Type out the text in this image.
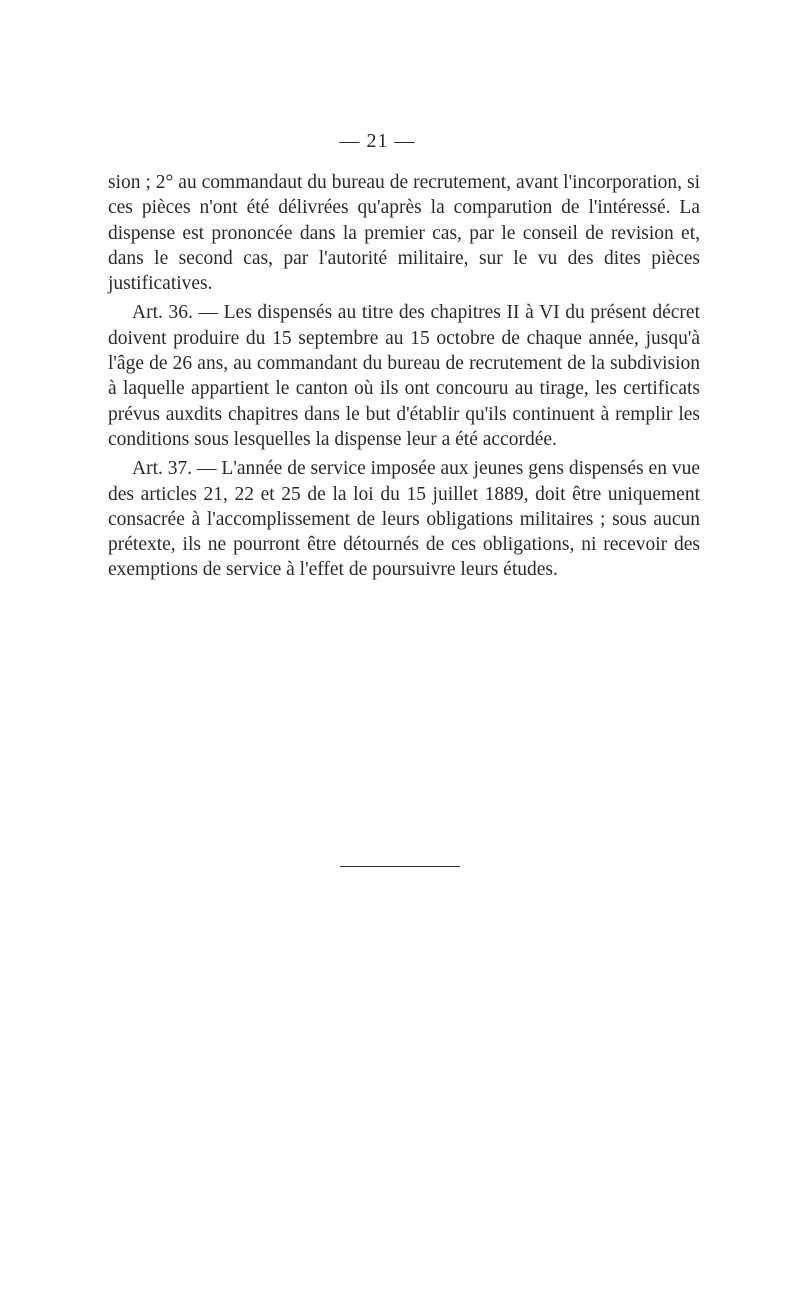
— 21 —

sion ; 2° au commandaut du bureau de recrutement, avant l'incorporation, si ces pièces n'ont été délivrées qu'après la comparution de l'intéressé. La dispense est prononcée dans la premier cas, par le conseil de revision et, dans le second cas, par l'autorité militaire, sur le vu des dites pièces justificatives.

Art. 36. — Les dispensés au titre des chapitres II à VI du présent décret doivent produire du 15 septembre au 15 octobre de chaque année, jusqu'à l'âge de 26 ans, au commandant du bureau de recrutement de la subdivision à laquelle appartient le canton où ils ont concouru au tirage, les certificats prévus auxdits chapitres dans le but d'établir qu'ils continuent à remplir les conditions sous lesquelles la dispense leur a été accordée.

Art. 37. — L'année de service imposée aux jeunes gens dispensés en vue des articles 21, 22 et 25 de la loi du 15 juillet 1889, doit être uniquement consacrée à l'accomplissement de leurs obligations militaires ; sous aucun prétexte, ils ne pourront être détournés de ces obligations, ni recevoir des exemptions de service à l'effet de poursuivre leurs études.
